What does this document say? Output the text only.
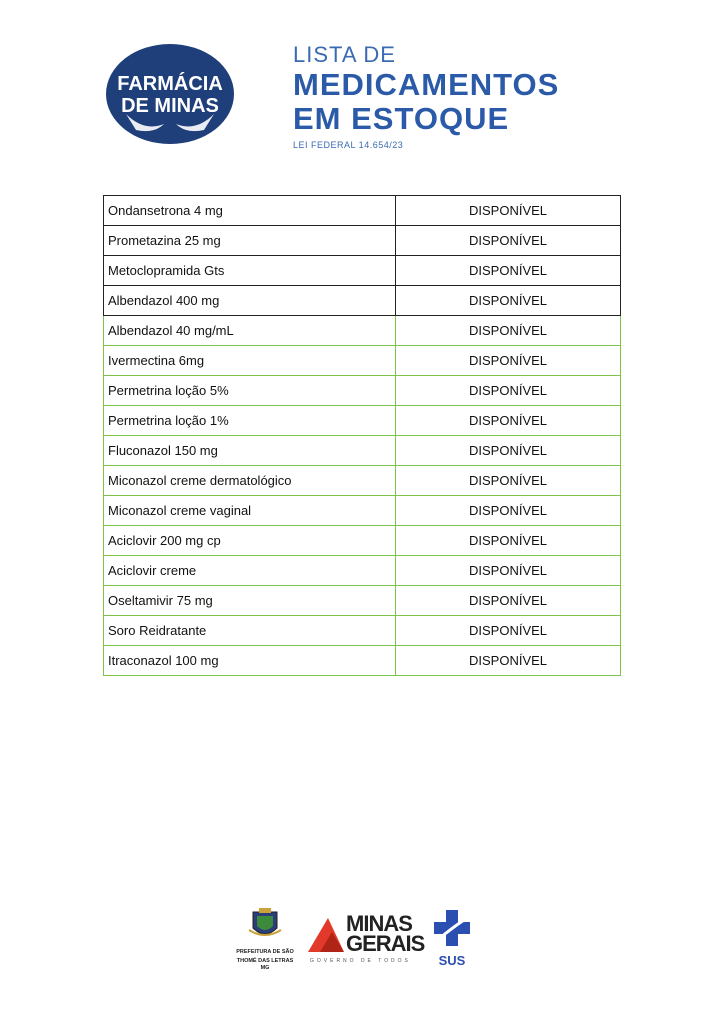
FARMÁCIA
DE MINAS
LISTA DE
MEDICAMENTOS
EM ESTOQUE
LEI FEDERAL 14.654/23
Ondansetrona 4 mg	DISPONÍVEL
Prometazina 25 mg	DISPONÍVEL
Metoclopramida Gts	DISPONÍVEL
Albendazol 400 mg	DISPONÍVEL
Albendazol 40 mg/mL	DISPONÍVEL
Ivermectina 6mg	DISPONÍVEL
Permetrina loção 5%	DISPONÍVEL
Permetrina loção 1%	DISPONÍVEL
Fluconazol 150 mg	DISPONÍVEL
Miconazol creme dermatológico	DISPONÍVEL
Miconazol creme vaginal	DISPONÍVEL
Aciclovir 200 mg cp	DISPONÍVEL
Aciclovir creme	DISPONÍVEL
Oseltamivir 75 mg	DISPONÍVEL
Soro Reidratante	DISPONÍVEL
Itraconazol 100 mg	DISPONÍVEL
PREFEITURA DE SÃO
THOMÉ DAS LETRAS MG
MINAS
GERAIS
GOVERNO DE TODOS	SUS
